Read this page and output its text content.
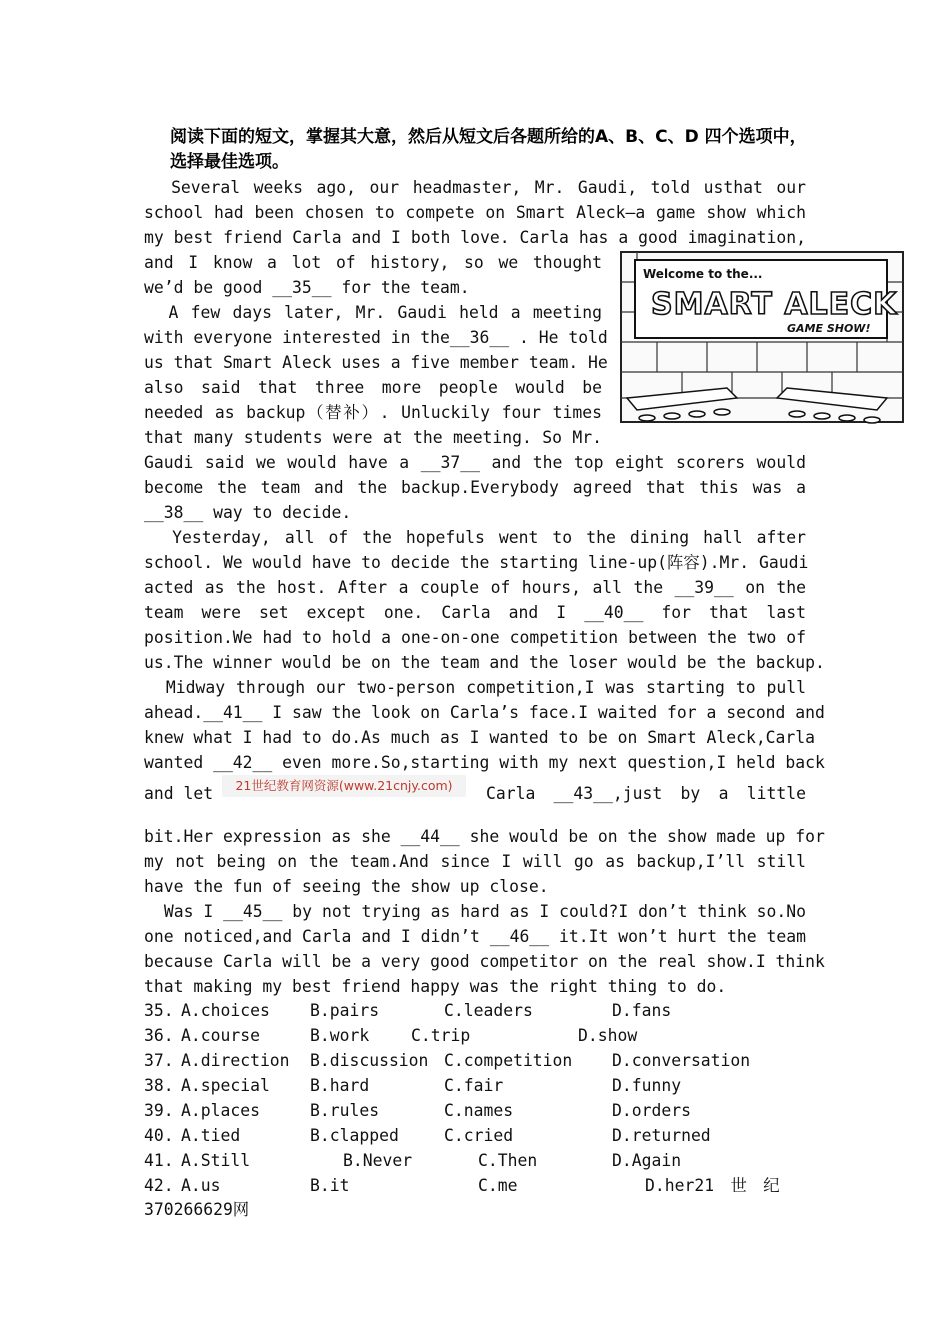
阅读下面的短文，掌握其大意，然后从短文后各题所给的A、B、C、D 四个选项中，选择最佳选项。
Several weeks ago, our headmaster, Mr. Gaudi, told usthat our
school had been chosen to compete on Smart Aleck—a game show which
my best friend Carla and I both love. Carla has a good imagination,
and I know a lot of history, so we thought
we’d be good __35__ for the team.
A few days later, Mr. Gaudi held a meeting
with everyone interested in the__36__ . He told
us that Smart Aleck uses a five member team. He
also said that three more people would be
needed as backup（替补）. Unluckily four times
that many students were at the meeting. So Mr.
Gaudi said we would have a __37__ and the top eight scorers would
become the team and the backup.Everybody agreed that this was a
__38__ way to decide.
Yesterday, all of the hopefuls went to the dining hall after
school. We would have to decide the starting line-up(阵容).Mr. Gaudi
acted as the host. After a couple of hours, all the __39__ on the
team were set except one. Carla and I __40__ for that last
position.We had to hold a one-on-one competition between the two of
us.The winner would be on the team and the loser would be the backup.
Midway through our two-person competition,I was starting to pull
ahead.__41__ I saw the look on Carla’s face.I waited for a second and
knew what I had to do.As much as I wanted to be on Smart Aleck,Carla
wanted __42__ even more.So,starting with my next question,I held back
and let	Carla __43__,just by a little
bit.Her expression as she __44__ she would be on the show made up for
my not being on the team.And since I will go as backup,I’ll still
have the fun of seeing the show up close.
Was I __45__ by not trying as hard as I could?I don’t think so.No
one noticed,and Carla and I didn’t __46__ it.It won’t hurt the team
because Carla will be a very good competitor on the real show.I think
that making my best friend happy was the right thing to do.
21世纪教育网资源(www.21cnjy.com)
Welcome to the...
SMART ALECK
GAME SHOW!
35. A.choices B.pairs	C.leaders	D.fans
36. A.course	B.work	C.trip	D.show
37. A.direction B.discussion C.competition D.conversation
38. A.special B.hard	C.fair	D.funny
39. A.places	B.rules	C.names	D.orders
40. A.tied	B.clapped	C.cried	D.returned
41. A.Still	B.Never	C.Then	D.Again
42. A.us	B.it	C.me	D.her21　世　纪
370266629网
